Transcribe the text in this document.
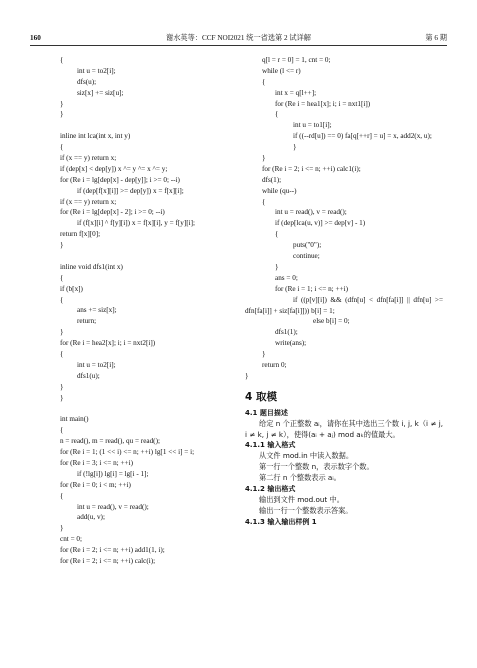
160	谢水英等：CCF NOI2021 统一省选第 2 试详解	第 6 期
{
int u = to2[i];
dfs(u);
siz[x] += siz[u];
}
}
inline int lca(int x, int y)
{
if (x == y) return x;
if (dep[x] < dep[y]) x ^= y ^= x ^= y;
for (Re i = lg[dep[x] - dep[y]]; i >= 0; --i)
if (dep[f[x][i]] >= dep[y]) x = f[x][i];
if (x == y) return x;
for (Re i = lg[dep[x] - 2]; i >= 0; --i)
if (f[x][i] ^ f[y][i]) x = f[x][i], y = f[y][i];
return f[x][0];
}
inline void dfs1(int x)
{
if (b[x])
{
ans += siz[x];
return;
}
for (Re i = hea2[x]; i; i = nxt2[i])
{
int u = to2[i];
dfs1(u);
}
}
int main()
{
n = read(), m = read(), qu = read();
for (Re i = 1; (1 << i) <= n; ++i) lg[1 << i] = i;
for (Re i = 3; i <= n; ++i)
if (!lg[i]) lg[i] = lg[i - 1];
for (Re i = 0; i < m; ++i)
{
int u = read(), v = read();
add(u, v);
}
cnt = 0;
for (Re i = 2; i <= n; ++i) add1(1, i);
for (Re i = 2; i <= n; ++i) calc(i);
q[l = r = 0] = 1, cnt = 0;
while (l <= r)
{
int x = q[l++];
for (Re i = hea1[x]; i; i = nxt1[i])
{
int u = to1[i];
if ((--rd[u]) == 0) fa[q[++r] = u] = x, add2(x, u);
}
}
for (Re i = 2; i <= n; ++i) calc1(i);
dfs(1);
while (qu--)
{
int u = read(), v = read();
if (dep[lca(u, v)] >= dep[v] - 1)
{
puts("0");
continue;
}
ans = 0;
for (Re i = 1; i <= n; ++i)
if ((p[v][i]) && (dfn[u] < dfn[fa[i]] || dfn[u] >= dfn[fa[i]] + siz[fa[i]])) b[i] = 1;
else b[i] = 0;
dfs1(1);
write(ans);
}
return 0;
}
4 取模
4.1 题目描述
给定 n 个正整数 aᵢ，请你在其中选出三个数 i, j, k（i ≠ j, i ≠ k, j ≠ k），使得(aᵢ + aⱼ) mod aₖ的值最大。
4.1.1 输入格式
从文件 mod.in 中读入数据。
第一行一个整数 n，表示数字个数。
第二行 n 个整数表示 aᵢ。
4.1.2 输出格式
输出到文件 mod.out 中。
输出一行一个整数表示答案。
4.1.3 输入输出样例 1
